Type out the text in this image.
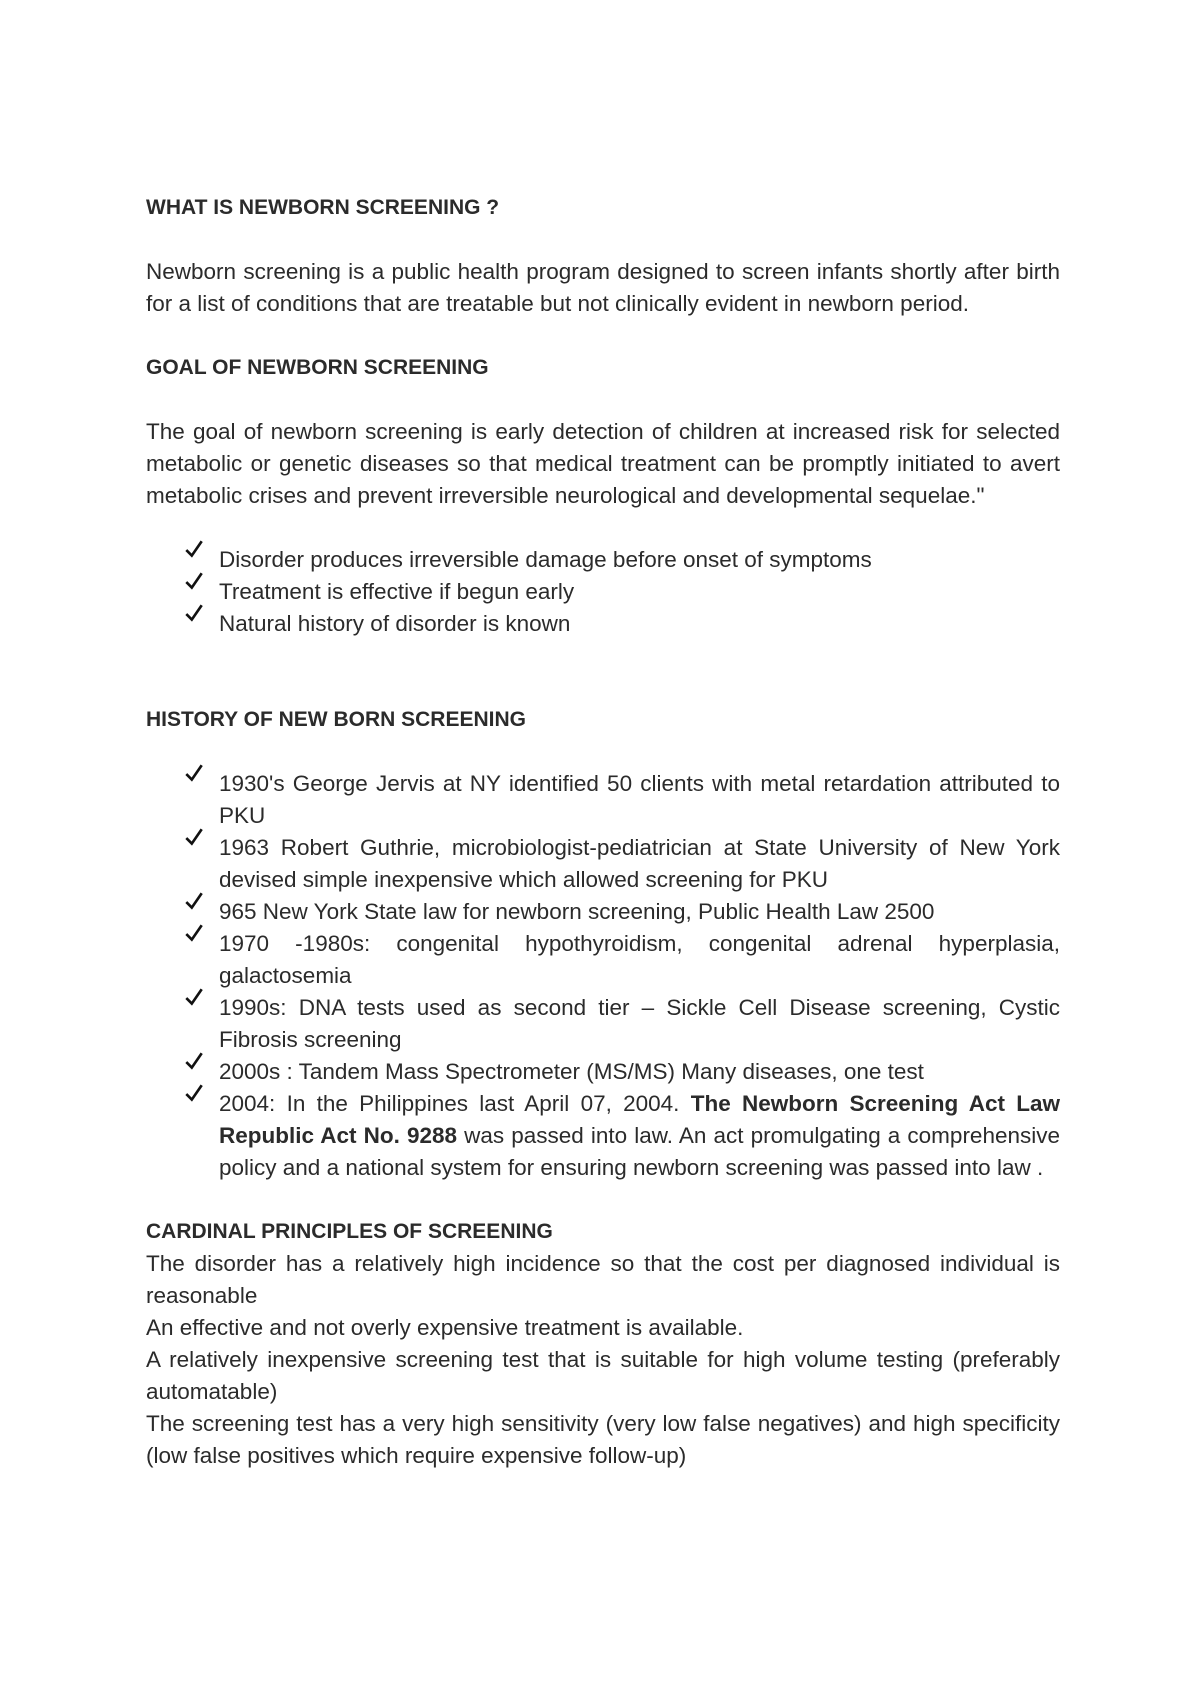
WHAT IS NEWBORN SCREENING ?

Newborn screening is a public health program designed to screen infants shortly after birth for a list of conditions that are treatable but not clinically evident in newborn period.

GOAL OF NEWBORN SCREENING

The goal of newborn screening is early detection of children at increased risk for selected metabolic or genetic diseases so that medical treatment can be promptly initiated to avert metabolic crises and prevent irreversible neurological and developmental sequelae."

Disorder produces irreversible damage before onset of symptoms
Treatment is effective if begun early
Natural history of disorder is known
HISTORY OF NEW BORN SCREENING
1930's George Jervis at NY identified 50 clients with metal retardation attributed to PKU
1963 Robert Guthrie, microbiologist-pediatrician at State University of New York devised simple inexpensive which allowed screening for PKU
965 New York State law for newborn screening, Public Health Law 2500
1970 -1980s: congenital hypothyroidism, congenital adrenal hyperplasia, galactosemia
1990s: DNA tests used as second tier – Sickle Cell Disease screening, Cystic Fibrosis screening
2000s : Tandem Mass Spectrometer (MS/MS) Many diseases, one test
2004: In the Philippines last April 07, 2004. The Newborn Screening Act Law Republic Act No. 9288 was passed into law. An act promulgating a comprehensive policy and a national system for ensuring newborn screening was passed into law .
CARDINAL PRINCIPLES OF SCREENING

The disorder has a relatively high incidence so that the cost per diagnosed individual is reasonable

An effective and not overly expensive treatment is available.

A relatively inexpensive screening test that is suitable for high volume testing (preferably automatable)

The screening test has a very high sensitivity (very low false negatives) and high specificity (low false positives which require expensive follow-up)
